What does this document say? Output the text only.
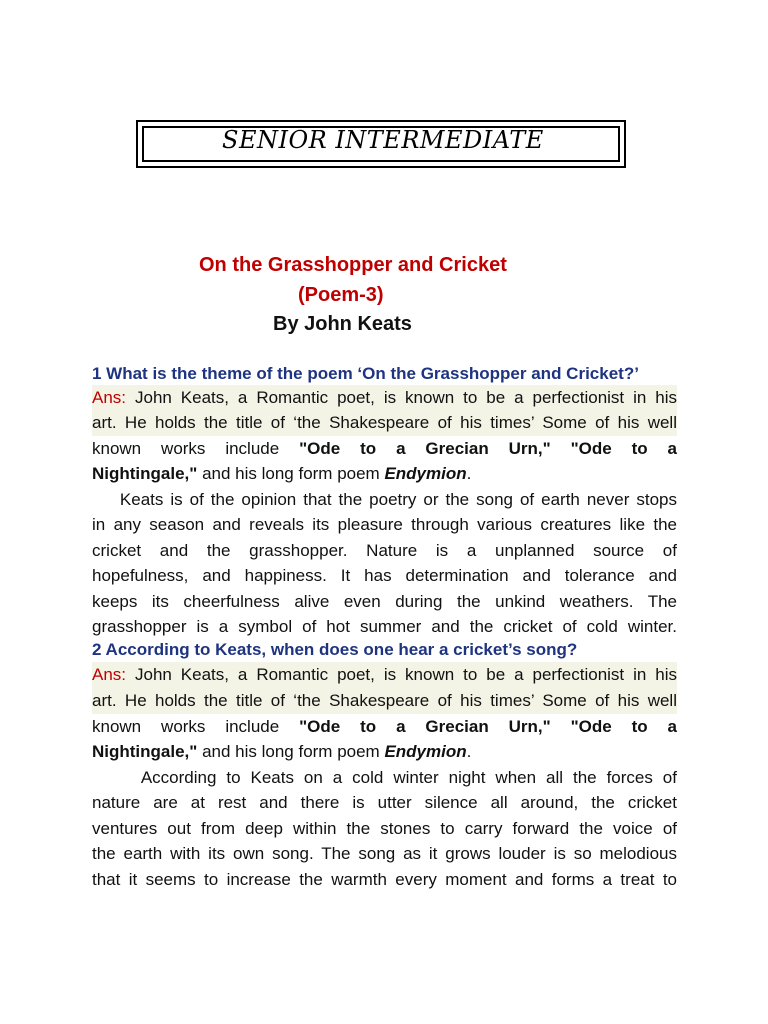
SENIOR INTERMEDIATE
On the Grasshopper and Cricket
(Poem-3)
By John Keats
1 What is the theme of the poem ‘On the Grasshopper and Cricket?’
Ans: John Keats, a Romantic poet, is known to be a perfectionist in his
art. He holds the title of ‘the Shakespeare of his times’ Some of his well
known works include "Ode to a Grecian Urn," "Ode to a
Nightingale," and his long form poem Endymion.
Keats is of the opinion that the poetry or the song of earth never stops
in any season and reveals its pleasure through various creatures like the
cricket and the grasshopper. Nature is a unplanned source of
hopefulness, and happiness. It has determination and tolerance and
keeps its cheerfulness alive even during the unkind weathers. The
grasshopper is a symbol of hot summer and the cricket of cold winter.
2 According to Keats, when does one hear a cricket’s song?
Ans: John Keats, a Romantic poet, is known to be a perfectionist in his
art. He holds the title of ‘the Shakespeare of his times’ Some of his well
known works include "Ode to a Grecian Urn," "Ode to a
Nightingale," and his long form poem Endymion.
According to Keats on a cold winter night when all the forces of
nature are at rest and there is utter silence all around, the cricket
ventures out from deep within the stones to carry forward the voice of
the earth with its own song. The song as it grows louder is so melodious
that it seems to increase the warmth every moment and forms a treat to
